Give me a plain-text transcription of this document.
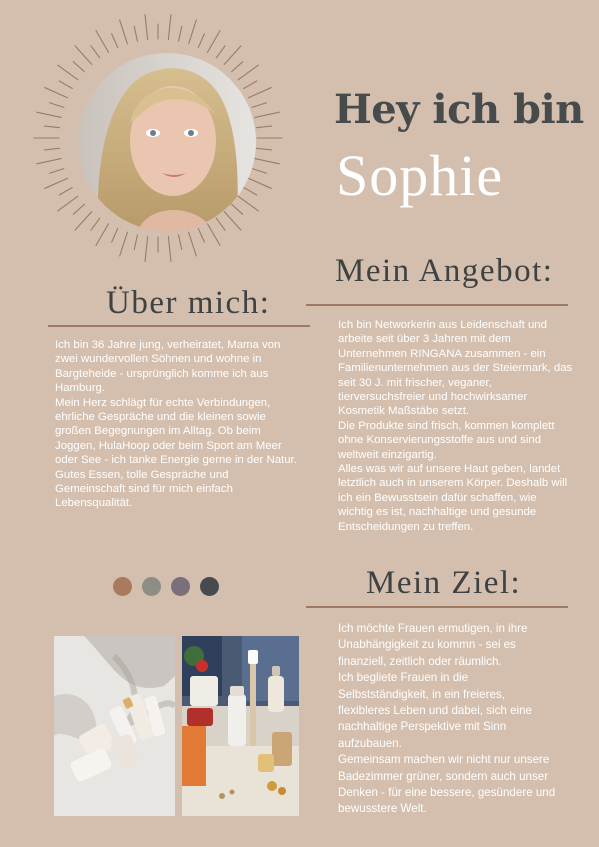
Hey ich bin
Sophie
Mein Angebot:

Ich bin Networkerin aus Leidenschaft und arbeite seit über 3 Jahren mit dem Unternehmen RINGANA zusammen - ein Familienunternehmen aus der Steiermark, das seit 30 J. mit frischer, veganer, tierversuchsfreier und hochwirksamer Kosmetik Maßstäbe setzt.

Die Produkte sind frisch, kommen komplett ohne Konservierungsstoffe aus und sind weltweit einzigartig.

Alles was wir auf unsere Haut geben, landet letztlich auch in unserem Körper. Deshalb will ich ein Bewusstsein dafür schaffen, wie wichtig es ist, nachhaltige und gesunde Entscheidungen zu treffen.

Über mich:

Ich bin 36 Jahre jung, verheiratet, Mama von zwei wundervollen Söhnen und wohne in Bargteheide - ursprünglich komme ich aus Hamburg.

Mein Herz schlägt für echte Verbindungen, ehrliche Gespräche und die kleinen sowie großen Begegnungen im Alltag. Ob beim Joggen, HulaHoop oder beim Sport am Meer oder See - ich tanke Energie gerne in der Natur.

Gutes Essen, tolle Gespräche und Gemeinschaft sind für mich einfach Lebensqualität.

Mein Ziel:

Ich möchte Frauen ermutigen, in ihre Unabhängigkeit zu kommn - sei es finanziell, zeitlich oder räumlich.

Ich begliete Frauen in die Selbstständigkeit, in ein freieres, flexibleres Leben und dabei, sich eine nachhaltige Perspektive mit Sinn aufzubauen.

Gemeinsam machen wir nicht nur unsere Badezimmer grüner, sondern auch unser Denken - für eine bessere, gesündere und bewusstere Welt.
